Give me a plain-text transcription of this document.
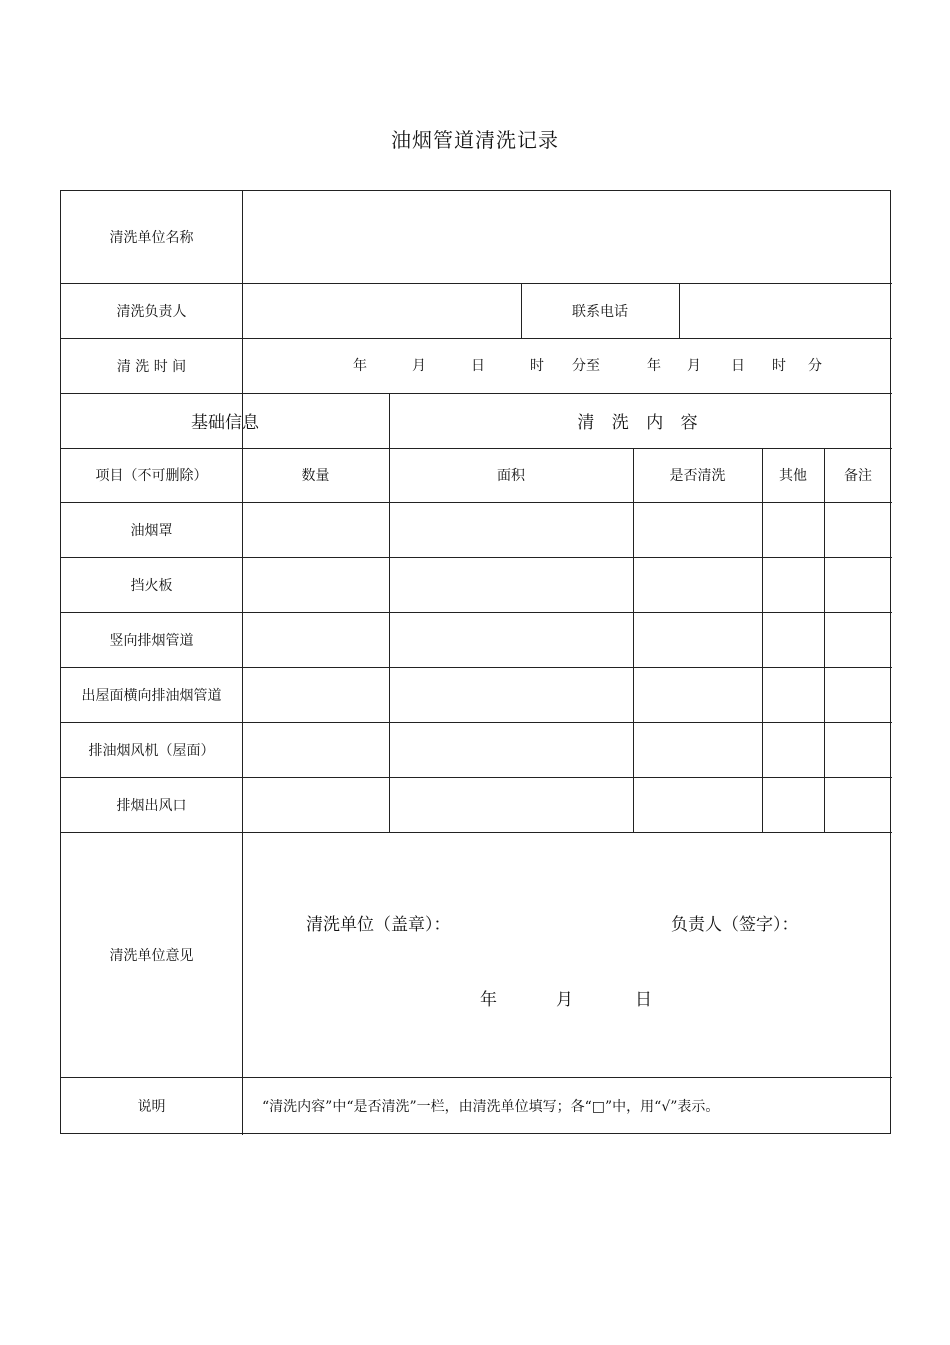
油烟管道清洗记录
清洗单位名称
清洗负责人	联系电话
清 洗 时 间	年	月	日	时 分至	年 月 日 时 分
基础信息	清 洗 内 容
项目（不可删除）	数量	面积	是否清洗	其他	备注
油烟罩
挡火板
竖向排烟管道
出屋面横向排油烟管道
排油烟风机（屋面）
排烟出风口
清洗单位意见
清洗单位（盖章）：	负责人（签字）：
年	月	日
说明	“清洗内容”中“是否清洗”一栏，由清洗单位填写；各“□”中，用“√”表示。
